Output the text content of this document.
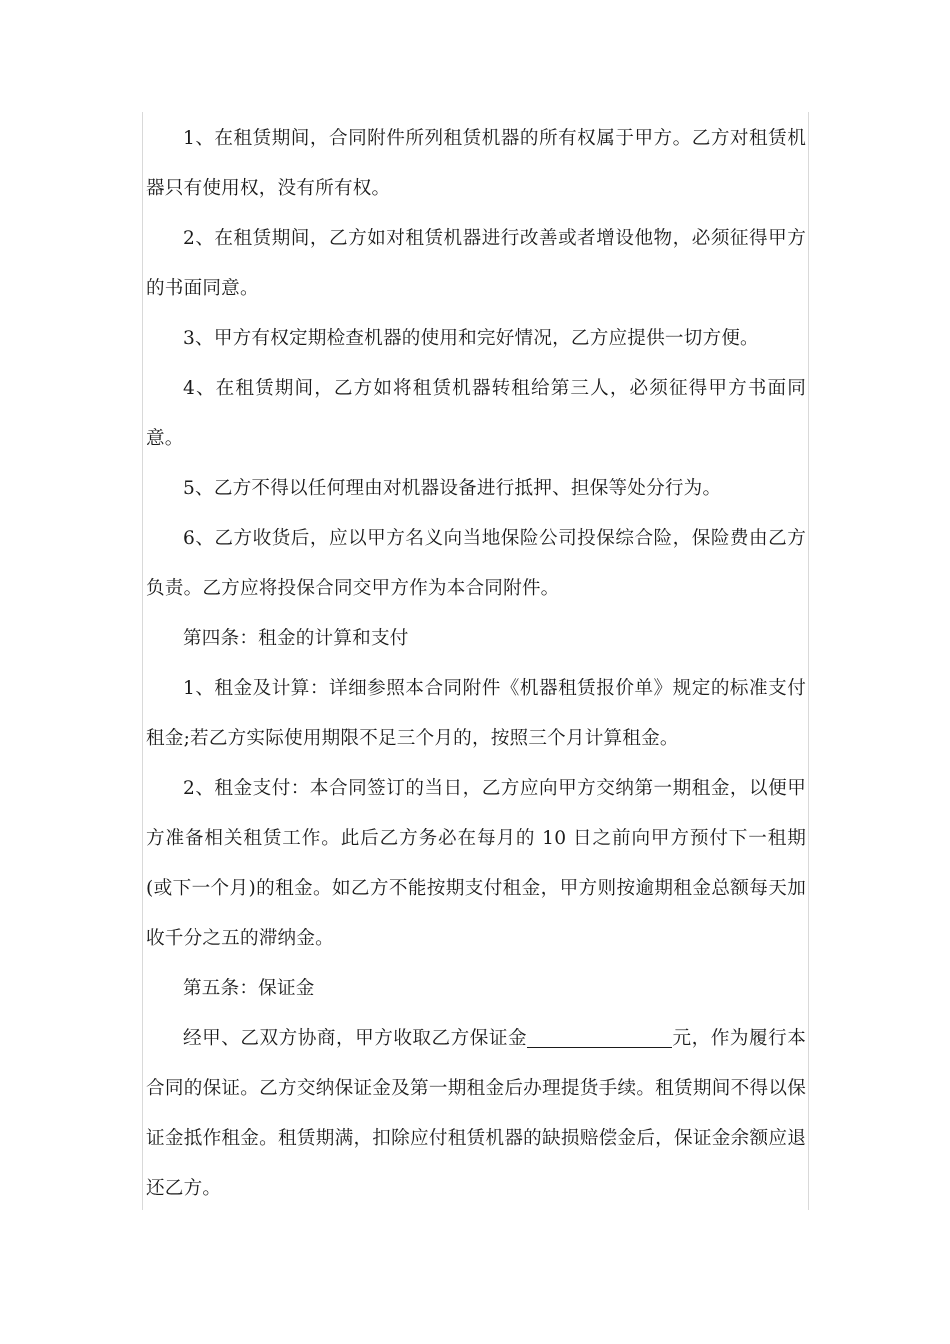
1、在租赁期间，合同附件所列租赁机器的所有权属于甲方。乙方对租赁机器只有使用权，没有所有权。

2、在租赁期间，乙方如对租赁机器进行改善或者增设他物，必须征得甲方的书面同意。

3、甲方有权定期检查机器的使用和完好情况，乙方应提供一切方便。

4、在租赁期间，乙方如将租赁机器转租给第三人，必须征得甲方书面同意。

5、乙方不得以任何理由对机器设备进行抵押、担保等处分行为。

6、乙方收货后，应以甲方名义向当地保险公司投保综合险，保险费由乙方负责。乙方应将投保合同交甲方作为本合同附件。

第四条：租金的计算和支付

1、租金及计算：详细参照本合同附件《机器租赁报价单》规定的标准支付租金;若乙方实际使用期限不足三个月的，按照三个月计算租金。

2、租金支付：本合同签订的当日，乙方应向甲方交纳第一期租金，以便甲方准备相关租赁工作。此后乙方务必在每月的 10 日之前向甲方预付下一租期(或下一个月)的租金。如乙方不能按期支付租金，甲方则按逾期租金总额每天加收千分之五的滞纳金。

第五条：保证金

经甲、乙双方协商，甲方收取乙方保证金	元，作为履行本合同的保证。乙方交纳保证金及第一期租金后办理提货手续。租赁期间不得以保证金抵作租金。租赁期满，扣除应付租赁机器的缺损赔偿金后，保证金余额应退还乙方。
